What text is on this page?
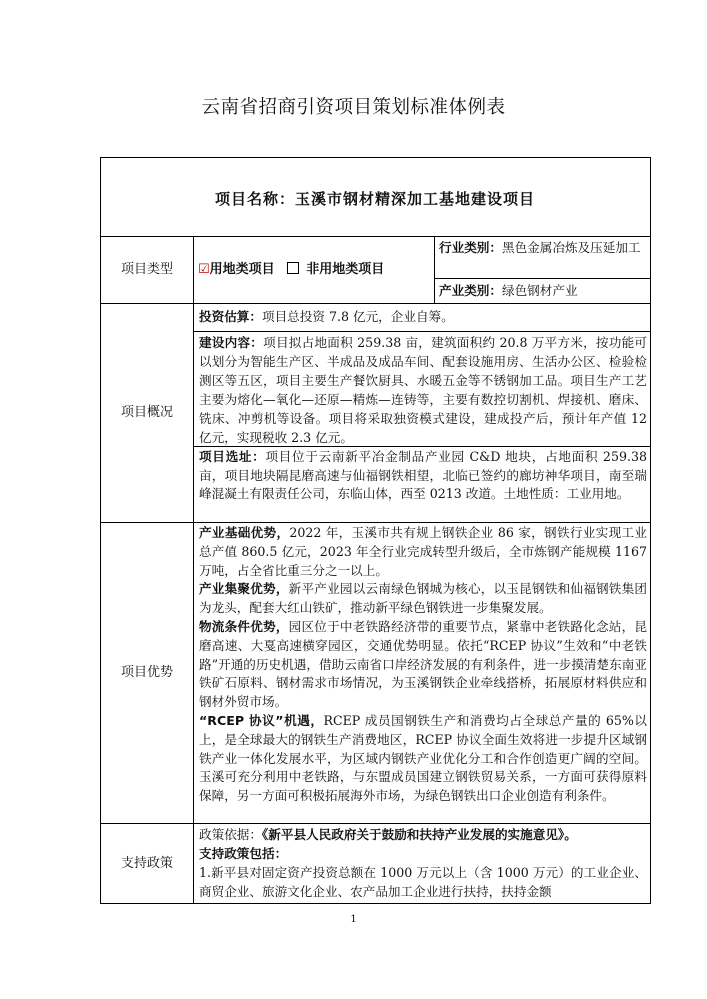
云南省招商引资项目策划标准体例表
项目名称：玉溪市钢材精深加工基地建设项目
项目类型	☑用地类项目 非用地类项目
行业类别：黑色金属冶炼及压延加工
产业类别：绿色钢材产业
项目概况
投资估算：项目总投资 7.8 亿元，企业自筹。
建设内容：项目拟占地面积 259.38 亩，建筑面积约 20.8 万平方米，按功能可以划分为智能生产区、半成品及成品车间、配套设施用房、生活办公区、检验检测区等五区，项目主要生产餐饮厨具、水暖五金等不锈钢加工品。项目生产工艺主要为熔化—氧化—还原—精炼—连铸等，主要有数控切割机、焊接机、磨床、铣床、冲剪机等设备。项目将采取独资模式建设，建成投产后，预计年产值 12 亿元，实现税收 2.3 亿元。
项目选址：项目位于云南新平冶金制品产业园 C&D 地块，占地面积 259.38 亩，项目地块隔昆磨高速与仙福钢铁相望，北临已签约的廊坊神华项目，南至瑞峰混凝土有限责任公司，东临山体，西至 0213 改道。土地性质：工业用地。
项目优势

产业基础优势，2022 年，玉溪市共有规上钢铁企业 86 家，钢铁行业实现工业总产值 860.5 亿元，2023 年全行业完成转型升级后，全市炼钢产能规模 1167 万吨，占全省比重三分之一以上。

产业集聚优势，新平产业园以云南绿色钢城为核心，以玉昆钢铁和仙福钢铁集团为龙头，配套大红山铁矿，推动新平绿色钢铁进一步集聚发展。

物流条件优势，园区位于中老铁路经济带的重要节点，紧靠中老铁路化念站，昆磨高速、大戛高速横穿园区，交通优势明显。依托“RCEP 协议”生效和“中老铁路”开通的历史机遇，借助云南省口岸经济发展的有利条件，进一步摸清楚东南亚铁矿石原料、钢材需求市场情况，为玉溪钢铁企业牵线搭桥，拓展原材料供应和钢材外贸市场。

“RCEP 协议”机遇，RCEP 成员国钢铁生产和消费均占全球总产量的 65%以上，是全球最大的钢铁生产消费地区，RCEP 协议全面生效将进一步提升区域钢铁产业一体化发展水平，为区域内钢铁产业优化分工和合作创造更广阔的空间。玉溪可充分利用中老铁路，与东盟成员国建立钢铁贸易关系，一方面可获得原料保障，另一方面可积极拓展海外市场，为绿色钢铁出口企业创造有利条件。

支持政策

政策依据：《新平县人民政府关于鼓励和扶持产业发展的实施意见》。

支持政策包括：

1.新平县对固定资产投资总额在 1000 万元以上（含 1000 万元）的工业企业、商贸企业、旅游文化企业、农产品加工企业进行扶持，扶持金额

1
